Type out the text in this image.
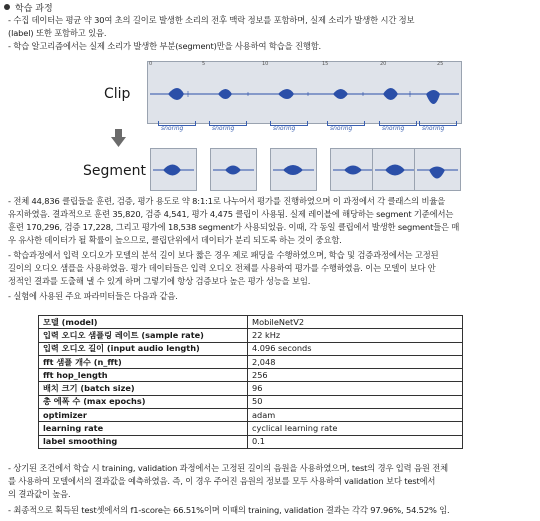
학습 과정
- 수집 데이터는 평균 약 30여 초의 길이로 발생한 소리의 전후 맥락 정보를 포함하며, 실제 소리가 발생한 시간 정보
(label) 또한 포함하고 있음.
- 학습 알고리즘에서는 실제 소리가 발생한 부분(segment)만을 사용하여 학습을 진행함.
Clip
Segment
0	5	10	15	20	25
snoring	snoring	snoring	snoring	snoring	snoring
- 전체 44,836 클립들을 훈련, 검증, 평가 용도로 약 8:1:1로 나누어서 평가를 진행하였으며 이 과정에서 각 클래스의 비율을
유지하였음. 결과적으로 훈련 35,820, 검증 4,541, 평가 4,475 클립이 사용됨. 실제 레이블에 해당하는 segment 기준에서는
훈련 170,296, 검증 17,228, 그리고 평가에 18,538 segment가 사용되었음. 이때, 각 동일 클립에서 발생한 segment들은 매
우 유사한 데이터가 될 확률이 높으므로, 클립단위에서 데이터가 분리 되도록 하는 것이 중요함.
- 학습과정에서 입력 오디오가 모델의 분석 길이 보다 짧은 경우 제로 패딩을 수행하였으며, 학습 및 검증과정에서는 고정된
길이의 오디오 샘플을 사용하였음. 평가 데이터들은 입력 오디오 전체를 사용하여 평가를 수행하였음. 이는 모델이 보다 안
정적인 결과를 도출해 낼 수 있게 하며 그렇기에 항상 검증보다 높은 평가 성능을 보임.
- 실험에 사용된 주요 파라미터들은 다음과 같음.
모델 (model)	MobileNetV2
입력 오디오 샘플링 레이트 (sample rate)	22 kHz
입력 오디오 길이 (input audio length)	4.096 seconds
fft 샘플 개수 (n_fft)	2,048
fft hop_length	256
배치 크기 (batch size)	96
총 에폭 수 (max epochs)	50
optimizer	adam
learning rate	cyclical learning rate
label smoothing	0.1
- 상기된 조건에서 학습 시 training, validation 과정에서는 고정된 길이의 음원을 사용하였으며, test의 경우 입력 음원 전체
를 사용하여 모델에서의 결과값을 예측하였음. 즉, 이 경우 주어진 음원의 정보를 모두 사용하여 validation 보다 test에서
의 결과값이 높음.
- 최종적으로 획득된 test셋에서의 f1-score는 66.51%이며 이때의 training, validation 결과는 각각 97.96%, 54.52% 임.
